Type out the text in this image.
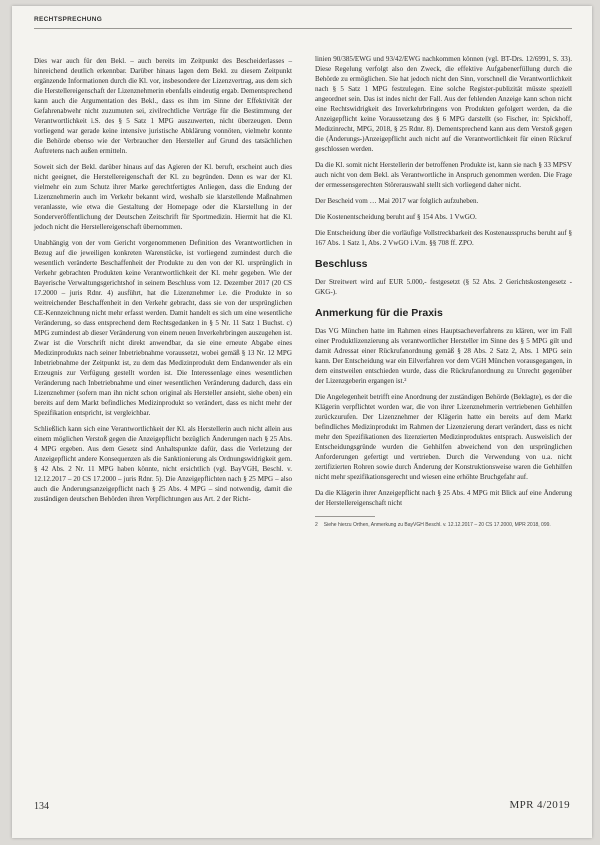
RECHTSPRECHUNG

Dies war auch für den Bekl. – auch bereits im Zeitpunkt des Bescheiderlasses – hinreichend deutlich erkennbar. Darüber hinaus lagen dem Bekl. zu diesem Zeitpunkt ergänzende Informationen durch die Kl. vor, insbesondere der Lizenzvertrag, aus dem sich die Herstellereigenschaft der Lizenznehmerin ebenfalls eindeutig ergab. Dementsprechend kann auch die Argumentation des Bekl., dass es ihm im Sinne der Effektivität der Gefahrenabwehr nicht zuzumuten sei, zivilrechtliche Verträge für die Bestimmung der Verantwortlichkeit i.S. des § 5 Satz 1 MPG auszuwerten, nicht überzeugen. Denn vorliegend war gerade keine intensive juristische Abklärung vonnöten, vielmehr konnte die Behörde ebenso wie der Verbraucher den Hersteller auf Grund des tatsächlichen Auftretens nach außen ermitteln.

Soweit sich der Bekl. darüber hinaus auf das Agieren der Kl. beruft, erscheint auch dies nicht geeignet, die Herstellereigenschaft der Kl. zu begründen. Denn es war der Kl. vielmehr ein zum Schutz ihrer Marke gerechtfertigtes Anliegen, dass die Endung der Lizenznehmerin auch im Verkehr bekannt wird, weshalb sie klarstellende Maßnahmen veranlasste, wie etwa die Gestaltung der Homepage oder die Klarstellung in der Sonderveröffentlichung der Deutschen Zeitschrift für Sportmedizin. Hiermit hat die Kl. jedoch nicht die Herstellereigenschaft übernommen.

Unabhängig von der vom Gericht vorgenommenen Definition des Verantwortlichen in Bezug auf die jeweiligen konkreten Warenstücke, ist vorliegend zumindest durch die wesentlich veränderte Beschaffenheit der Produkte zu den von der Kl. ursprünglich in Verkehr gebrachten Produkten keine Verantwortlichkeit der Kl. mehr gegeben. Wie der Bayerische Verwaltungsgerichtshof in seinem Beschluss vom 12. Dezember 2017 (20 CS 17.2000 – juris Rdnr. 4) ausführt, hat die Lizenznehmer i.e. die Produkte in so weitreichender Beschaffenheit in den Verkehr gebracht, dass sie von der ursprünglichen CE-Kennzeichnung nicht mehr erfasst werden. Damit handelt es sich um eine wesentliche Veränderung, so dass entsprechend dem Rechtsgedanken in § 5 Nr. 11 Satz 1 Buchst. c) MPG zumindest ab dieser Veränderung von einem neuen Inverkehrbringen auszugehen ist. Zwar ist die Vorschrift nicht direkt anwendbar, da sie eine erneute Abgabe eines Medizinprodukts nach seiner Inbetriebnahme voraussetzt, wobei gemäß § 13 Nr. 12 MPG Inbetriebnahme der Zeitpunkt ist, zu dem das Medizinprodukt dem Endanwender als ein Erzeugnis zur Verfügung gestellt worden ist. Die Interessenlage eines wesentlichen Veränderung nach Inbetriebnahme und einer wesentlichen Veränderung dadurch, dass ein Lizenznehmer (sofern man ihn nicht schon original als Hersteller ansieht, siehe oben) ein bereits auf dem Markt befindliches Medizinprodukt so verändert, dass es nicht mehr der Spezifikation entspricht, ist vergleichbar.

Schließlich kann sich eine Verantwortlichkeit der Kl. als Herstellerin auch nicht allein aus einem möglichen Verstoß gegen die Anzeigepflicht bezüglich Änderungen nach § 25 Abs. 4 MPG ergeben. Aus dem Gesetz sind Anhaltspunkte dafür, dass die Verletzung der Anzeigepflicht andere Konsequenzen als die Sanktionierung als Ordnungswidrigkeit gem. § 42 Abs. 2 Nr. 11 MPG haben könnte, nicht ersichtlich (vgl. BayVGH, Beschl. v. 12.12.2017 – 20 CS 17.2000 – juris Rdnr. 5). Die Anzeigepflichten nach § 25 MPG – also auch die Änderungsanzeigepflicht nach § 25 Abs. 4 MPG – sind notwendig, damit die zuständigen deutschen Behörden ihren Verpflichtungen aus Art. 2 der Richt-

linien 90/385/EWG und 93/42/EWG nachkommen können (vgl. BT-Drs. 12/6991, S. 33). Diese Regelung verfolgt also den Zweck, die effektive Aufgabenerfüllung durch die Behörde zu ermöglichen. Sie hat jedoch nicht den Sinn, vorschnell die Verantwortlichkeit nach § 5 Satz 1 MPG festzulegen. Eine solche Register-publizität müsste speziell angeordnet sein. Das ist indes nicht der Fall. Aus der fehlenden Anzeige kann schon nicht eine Rechtswidrigkeit des Inverkehrbringens von Produkten gefolgert werden, da die Anzeigepflicht keine Voraussetzung des § 6 MPG darstellt (so Fischer, in: Spickhoff, Medizinrecht, MPG, 2018, § 25 Rdnr. 8). Dementsprechend kann aus dem Verstoß gegen die (Änderungs-)Anzeigepflicht auch nicht auf die Verantwortlichkeit für einen Rückruf geschlossen werden.

Da die Kl. somit nicht Herstellerin der betroffenen Produkte ist, kann sie nach § 33 MPSV auch nicht von dem Bekl. als Verantwortliche in Anspruch genommen werden. Die Frage der ermessensgerechten Störerauswahl stellt sich vorliegend daher nicht.

Der Bescheid vom … Mai 2017 war folglich aufzuheben.

Die Kostenentscheidung beruht auf § 154 Abs. 1 VwGO.

Die Entscheidung über die vorläufige Vollstreckbarkeit des Kostenausspruchs beruht auf § 167 Abs. 1 Satz 1, Abs. 2 VwGO i.V.m. §§ 708 ff. ZPO.

Beschluss

Der Streitwert wird auf EUR 5.000,- festgesetzt (§ 52 Abs. 2 Gerichtskostengesetz -GKG-).

Anmerkung für die Praxis

Das VG München hatte im Rahmen eines Hauptsacheverfahrens zu klären, wer im Fall einer Produktlizenzierung als verantwortlicher Hersteller im Sinne des § 5 MPG gilt und damit Adressat einer Rückrufanordnung gemäß § 28 Abs. 2 Satz 2, Abs. 1 MPG sein kann. Der Entscheidung war ein Eilverfahren vor dem VGH München vorausgegangen, in dem einstweilen entschieden wurde, dass die Rückrufanordnung zu Unrecht gegenüber der Lizenzgeberin ergangen ist.²

Die Angelegenheit betrifft eine Anordnung der zuständigen Behörde (Beklagte), es der die Klägerin verpflichtet worden war, die von ihrer Lizenznehmerin vertriebenen Gehhilfen zurückzurufen. Der Lizenznehmer der Klägerin hatte ein bereits auf dem Markt befindliches Medizinprodukt im Rahmen der Lizenzierung derart verändert, dass es nicht mehr den Spezifikationen des lizenzierten Medizinproduktes entsprach. Ausweislich der Entscheidungsgründe wurden die Gehhilfen abweichend von den ursprünglichen Anforderungen gefertigt und vertrieben. Durch die Verwendung von u.a. nicht zertifizierten Rohren sowie durch Änderung der Konstruktionsweise waren die Gehhilfen nicht mehr spezifikationsgerecht und wiesen eine erhöhte Bruchgefahr auf.

Da die Klägerin ihrer Anzeigepflicht nach § 25 Abs. 4 MPG mit Blick auf eine Änderung der Herstellereigenschaft nicht

2 Siehe hierzu Orthen, Anmerkung zu BayVGH Beschl. v. 12.12.2017 – 20 CS 17.2000, MPR 2018, 099.
134	MPR 4/2019
